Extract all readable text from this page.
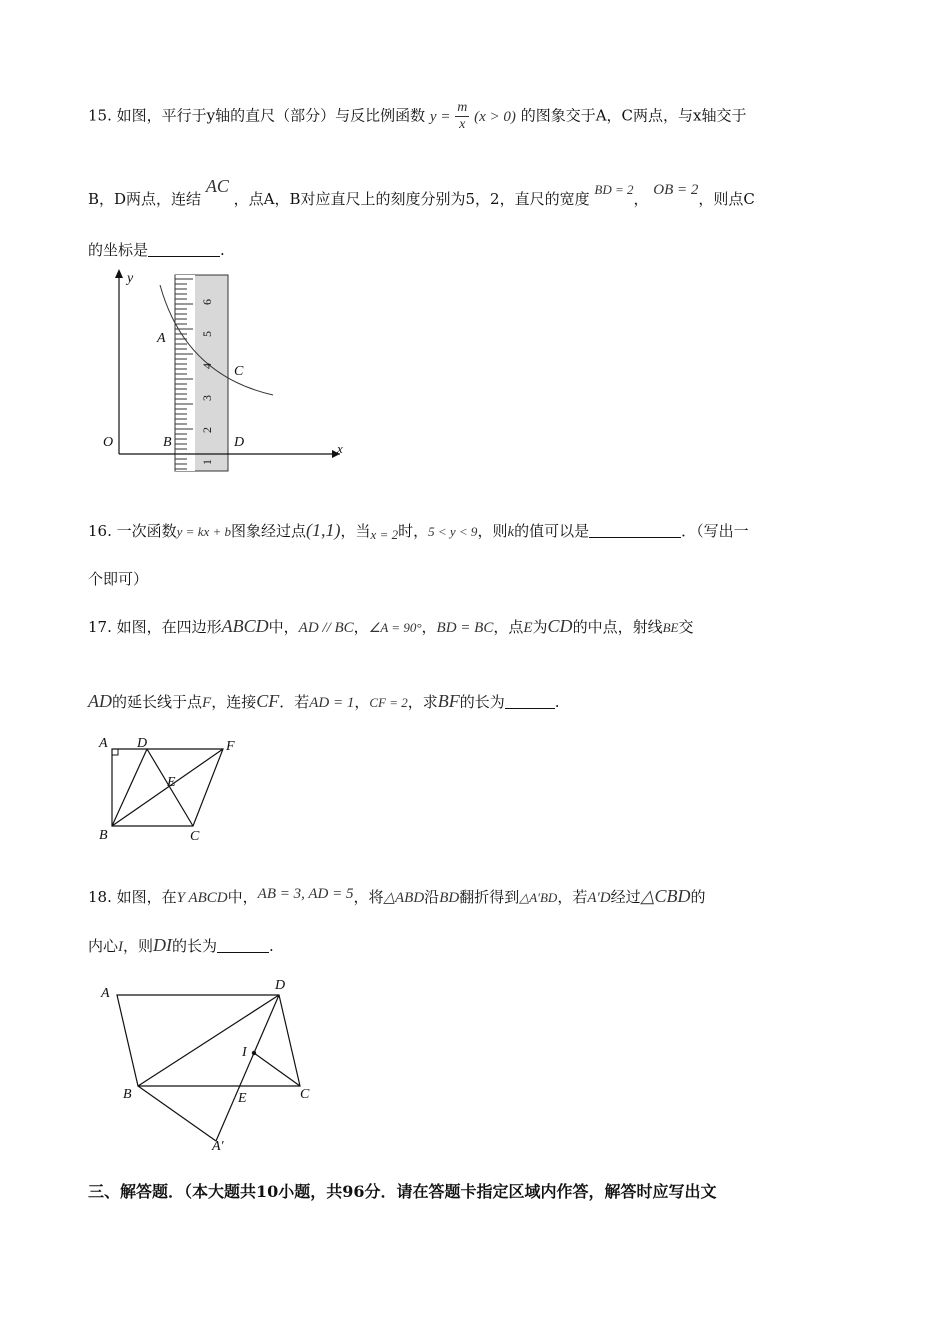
15. 如图，平行于y轴的直尺（部分）与反比例函数 $y = \frac{m}{x} (x > 0)$ 的图象交于A，C两点，与x轴交于
B，D两点，连结 AC ，点A，B对应直尺上的刻度分别为5，2，直尺的宽度 BD = 2， OB = 2，则点C
的坐标是	.
y
x
O
A
B
C
D
6
5
4
3
2
1
16. 一次函数y = kx + b图象经过点(1,1)，当x = 2时，5 < y < 9，则k的值可以是	．（写出一
个即可）
17. 如图，在四边形ABCD中，AD // BC，∠A = 90°，BD = BC，点E为CD的中点，射线BE交
AD的延长线于点F，连接CF．若AD = 1，CF = 2，求BF的长为	.
A D	F
E
B	C
18. 如图，在Y ABCD中，AB = 3, AD = 5，将△ABD沿BD翻折得到△A′BD，若A′D经过△CBD的
内心I，则DI的长为	.
A
D
I
B	E	C
A′
三、解答题．（本大题共10小题，共96分．请在答题卡指定区域内作答，解答时应写出文
